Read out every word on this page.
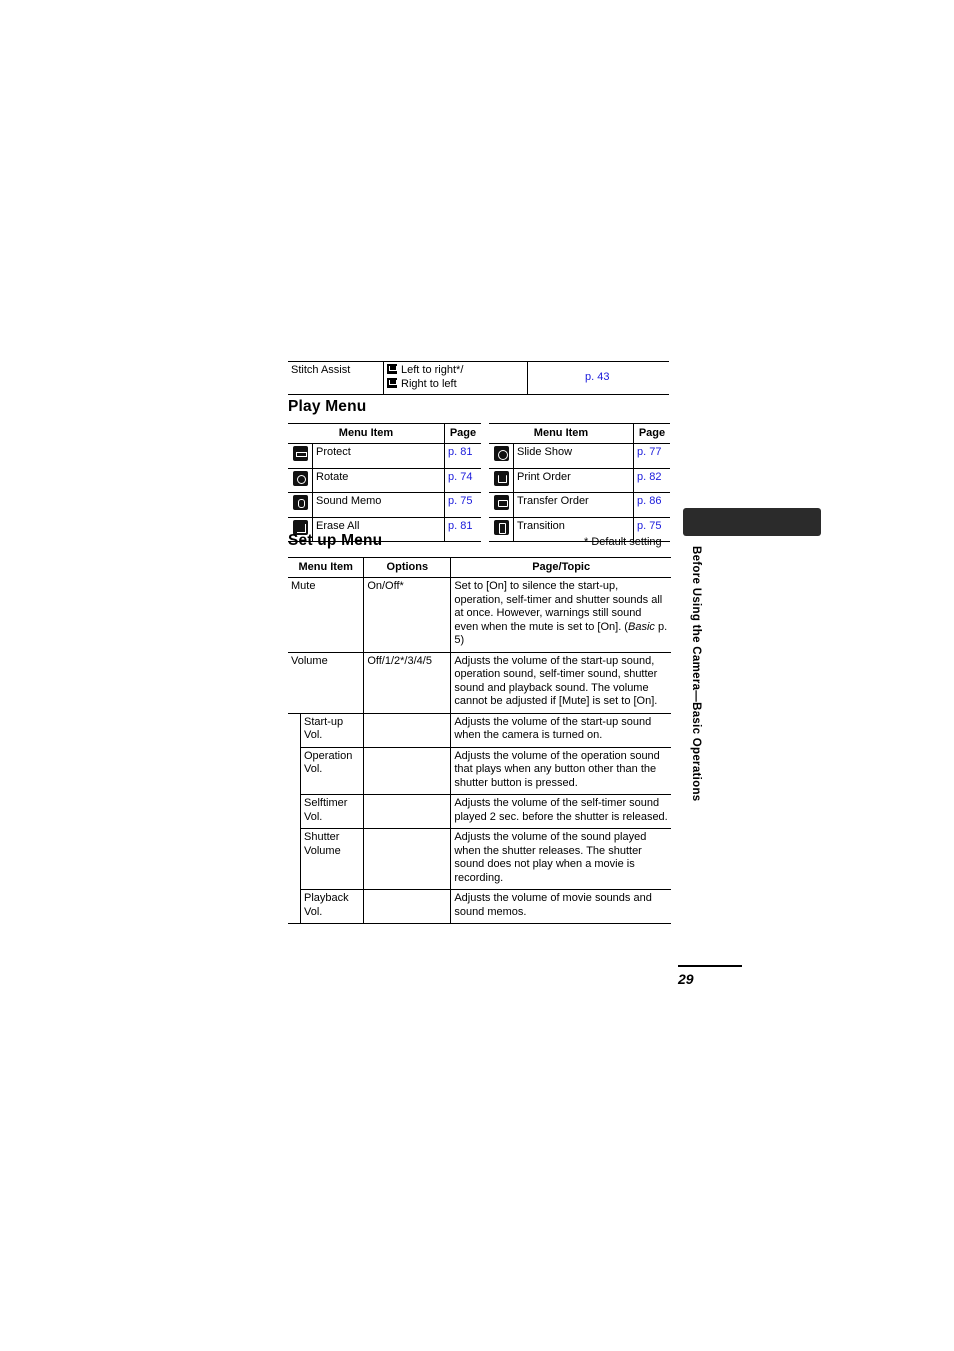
Stitch Assist	Left to right*/
Right to left
	p. 43
Play Menu
Menu Item		Page
	Protect	p. 81
	Rotate	p. 74
	Sound Memo	p. 75
	Erase All	p. 81
Menu Item		Page
	Slide Show	p. 77
	Print Order	p. 82
	Transfer Order	p. 86
	Transition	p. 75
Set up Menu	* Default setting
Menu Item		Options	Page/Topic
Mute		On/Off*	Set to [On] to silence the start-up, operation, self-timer and shutter sounds all at once. However, warnings still sound even when the mute is set to [On]. (Basic p. 5)
Volume		Off/1/2*/3/4/5	Adjusts the volume of the start-up sound, operation sound, self-timer sound, shutter sound and playback sound. The volume cannot be adjusted if [Mute] is set to [On].
	Start-up Vol.		Adjusts the volume of the start-up sound when the camera is turned on.
	Operation Vol.		Adjusts the volume of the operation sound that plays when any button other than the shutter button is pressed.
	Selftimer Vol.		Adjusts the volume of the self-timer sound played 2 sec. before the shutter is released.
	Shutter Volume		Adjusts the volume of the sound played when the shutter releases. The shutter sound does not play when a movie is recording.
	Playback Vol.		Adjusts the volume of movie sounds and sound memos.
Before Using the Camera—Basic Operations
29
